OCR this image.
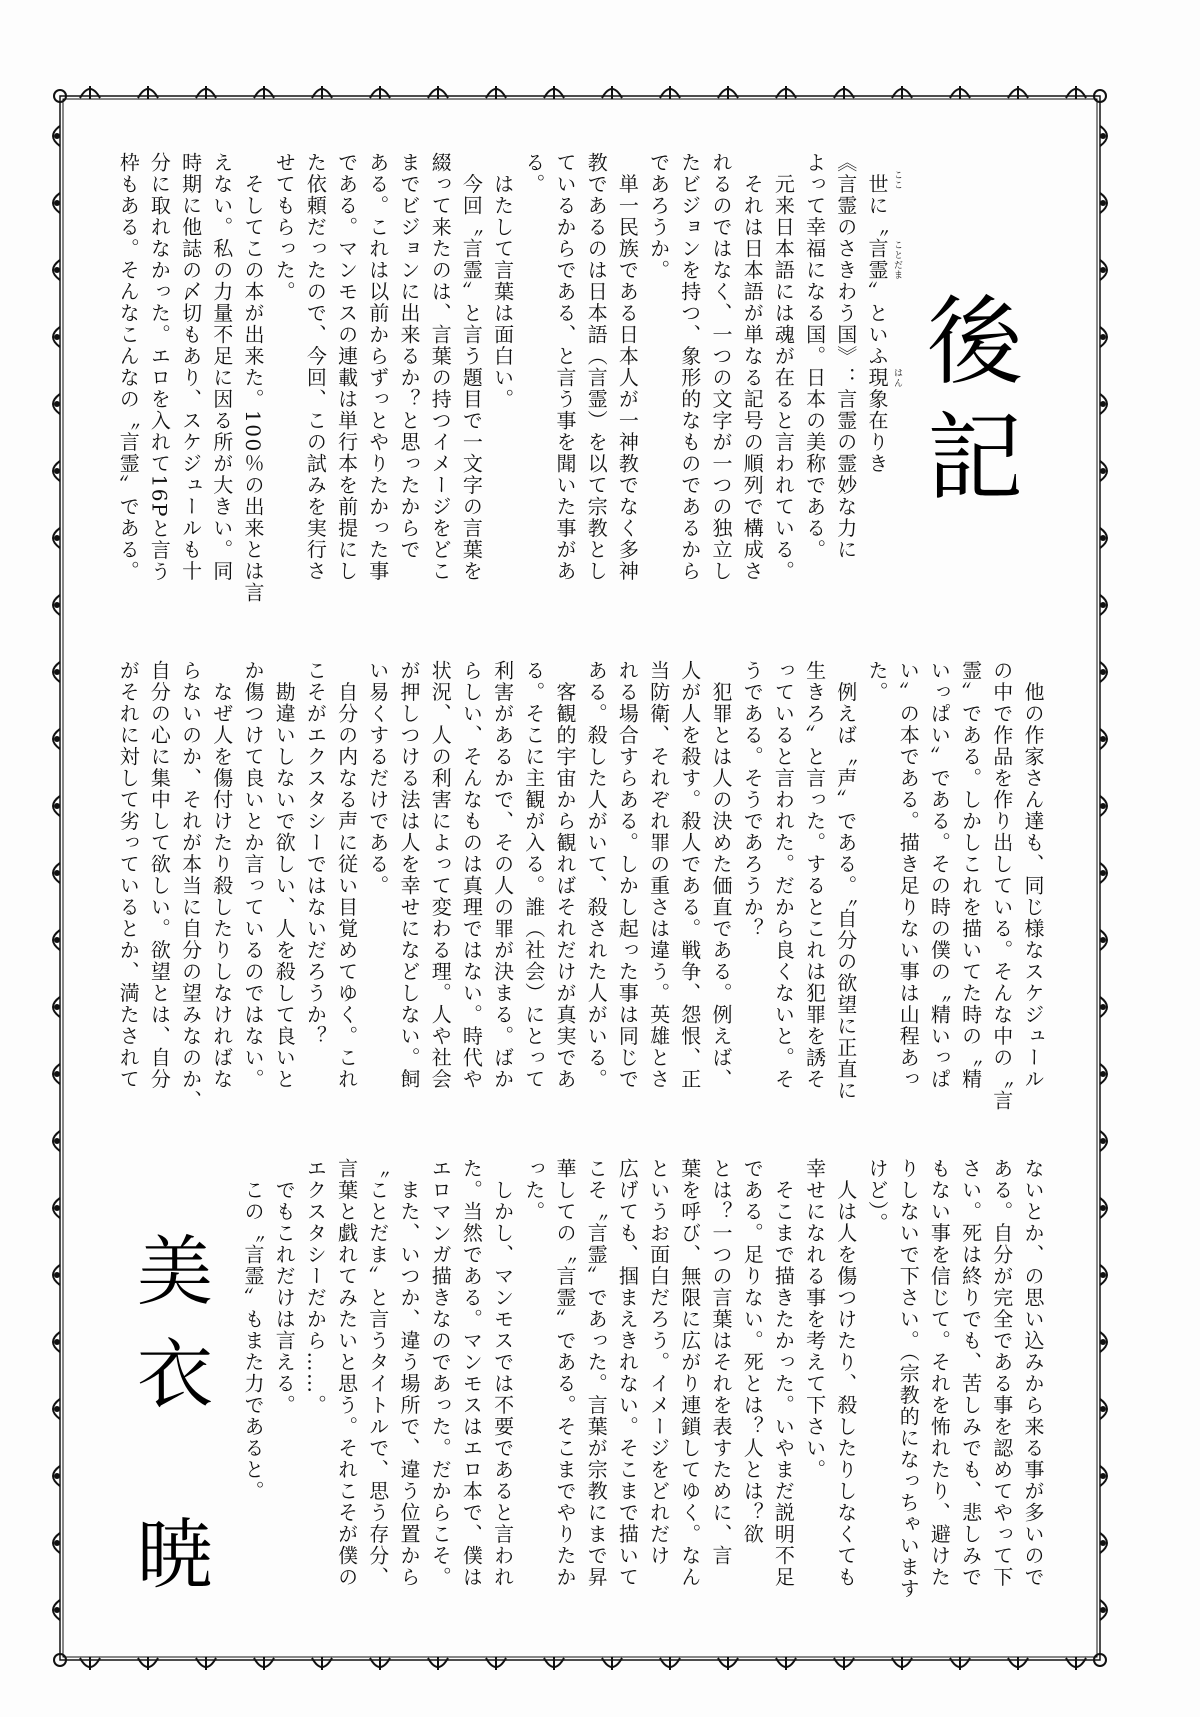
後
記
美
衣
暁
　世に〝言霊〟といふ現象在りき
《言霊のさきわう国》：言霊の霊妙な力に
よって幸福になる国。日本の美称である。
　元来日本語には魂が在ると言われている。
　それは日本語が単なる記号の順列で構成さ
れるのではなく、一つの文字が一つの独立し
たビジョンを持つ、象形的なものであるから
であろうか。
　単一民族である日本人が一神教でなく多神
教であるのは日本語（言霊）を以て宗教とし
ているからである、と言う事を聞いた事があ
る。
　はたして言葉は面白い。
　今回〝言霊〟と言う題目で一文字の言葉を
綴って来たのは、言葉の持つイメージをどこ
までビジョンに出来るか？と思ったからで
ある。これは以前からずっとやりたかった事
である。マンモスの連載は単行本を前提にし
た依頼だったので、今回、この試みを実行さ
せてもらった。
　そしてこの本が出来た。100％の出来とは言
えない。私の力量不足に因る所が大きい。同
時期に他誌の〆切もあり、スケジュールも十
分に取れなかった。エロを入れて16Pと言う
枠もある。そんなこんなの〝言霊〟である。
　他の作家さん達も、同じ様なスケジュール
の中で作品を作り出している。そんな中の〝言
霊〟である。しかしこれを描いてた時の〝精
いっぱい〟である。その時の僕の〝精いっぱ
い〟の本である。描き足りない事は山程あっ
た。
　例えば〝声〟である。〝自分の欲望に正直に
生きろ〟と言った。するとこれは犯罪を誘そ
っていると言われた。だから良くないと。そ
うである。そうであろうか？
　犯罪とは人の決めた価直である。例えば、
人が人を殺す。殺人である。戦争、怨恨、正
当防衛、それぞれ罪の重さは違う。英雄とさ
れる場合すらある。しかし起った事は同じで
ある。殺した人がいて、殺された人がいる。
　客観的宇宙から観ればそれだけが真実であ
る。そこに主観が入る。誰（社会）にとって
利害があるかで、その人の罪が決まる。ばか
らしい、そんなものは真理ではない。時代や
状況、人の利害によって変わる理。人や社会
が押しつける法は人を幸せになどしない。飼
い易くするだけである。
　自分の内なる声に従い目覚めてゆく。これ
こそがエクスタシーではないだろうか？
　勘違いしないで欲しい、人を殺して良いと
か傷つけて良いとか言っているのではない。
　なぜ人を傷付けたり殺したりしなければな
らないのか、それが本当に自分の望みなのか、
自分の心に集中して欲しい。欲望とは、自分
がそれに対して劣っているとか、満たされて
ないとか、の思い込みから来る事が多いので
ある。自分が完全である事を認めてやって下
さい。死は終りでも、苦しみでも、悲しみで
もない事を信じて。それを怖れたり、避けた
りしないで下さい。（宗教的になっちゃいます
けど）。
　人は人を傷つけたり、殺したりしなくても
幸せになれる事を考えて下さい。
　そこまで描きたかった。いやまだ説明不足
である。足りない。死とは？人とは？欲
とは？一つの言葉はそれを表すために、言
葉を呼び、無限に広がり連鎖してゆく。なん
というお面白だろう。イメージをどれだけ
広げても、掴まえきれない。そこまで描いて
こそ〝言霊〟であった。言葉が宗教にまで昇
華しての〝言霊〟である。そこまでやりたか
った。
　しかし、マンモスでは不要であると言われ
た。当然である。マンモスはエロ本で、僕は
エロマンガ描きなのであった。だからこそ。
　また、いつか、違う場所で、違う位置から
〝ことだま〟と言うタイトルで、思う存分、
言葉と戯れてみたいと思う。それこそが僕の
エクスタシーだから……。
　でもこれだけは言える。
　この〝言霊〟もまた力であると。
ここ
ことだま
はん
